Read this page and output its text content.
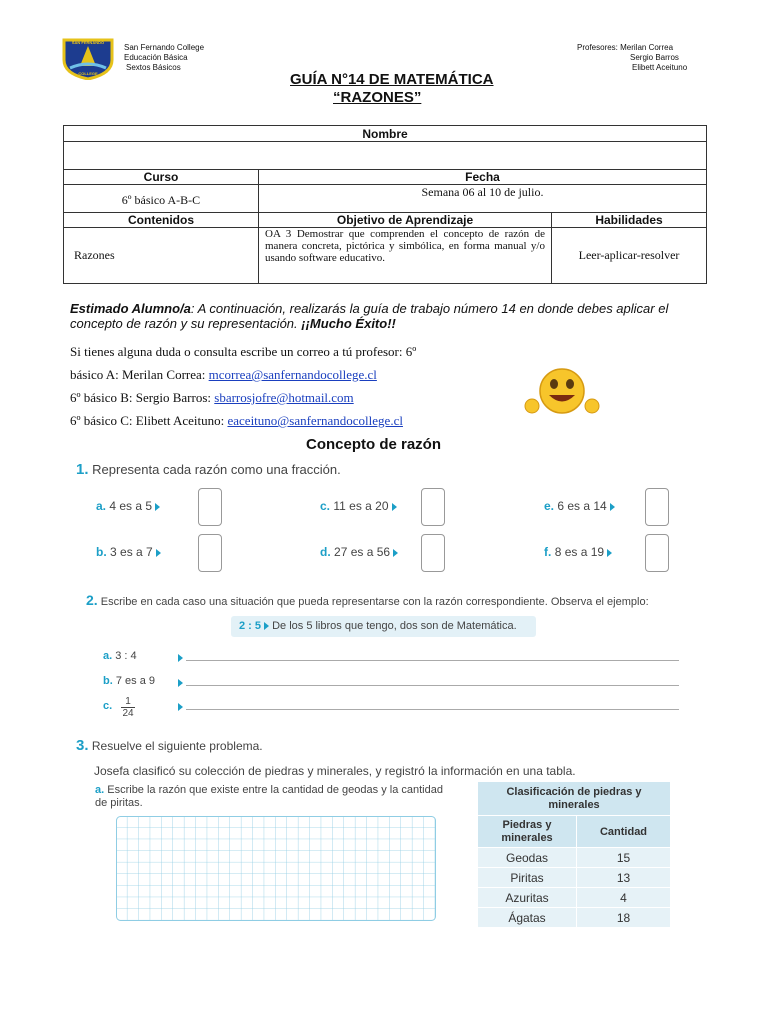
SAN FERNANDO
COLLEGE
San Fernando College
Educación Básica
Sextos Básicos
Profesores: Merilan Correa
Sergio Barros
Elibett Aceituno
GUÍA N°14 DE MATEMÁTICA
“RAZONES”
Nombre		

Curso	Fecha	
6º básico A-B-C	Semana 06 al 10 de julio.	
Contenidos	Objetivo de Aprendizaje	Habilidades
Razones	OA 3 Demostrar que comprenden el concepto de razón de manera concreta, pictórica y simbólica, en forma manual y/o usando software educativo.	Leer-aplicar-resolver
Estimado Alumno/a: A continuación, realizarás la guía de trabajo número 14 en donde debes aplicar el concepto de razón y su representación. ¡¡Mucho Éxito!!
Si tienes alguna duda o consulta escribe un correo a tú profesor: 6º
básico A: Merilan Correa: mcorrea@sanfernandocollege.cl
6º básico B: Sergio Barros: sbarrosjofre@hotmail.com
6º básico C: Elibett Aceituno: eaceituno@sanfernandocollege.cl
Concepto de razón
1. Representa cada razón como una fracción.
a. 4 es a 5	c. 11 es a 20	e. 6 es a 14
b. 3 es a 7	d. 27 es a 56	f. 8 es a 19
2. Escribe en cada caso una situación que pueda representarse con la razón correspondiente. Observa el ejemplo:
2 : 5 De los 5 libros que tengo, dos son de Matemática.
a. 3 : 4
b. 7 es a 9
c. $\frac{1}{24}$
3. Resuelve el siguiente problema.
Josefa clasificó su colección de piedras y minerales, y registró la información en una tabla.
a. Escribe la razón que existe entre la cantidad de geodas y la cantidad de piritas.
Clasificación de piedras y minerales	
Piedras y minerales	Cantidad
Geodas	15
Piritas	13
Azuritas	4
Ágatas	18
